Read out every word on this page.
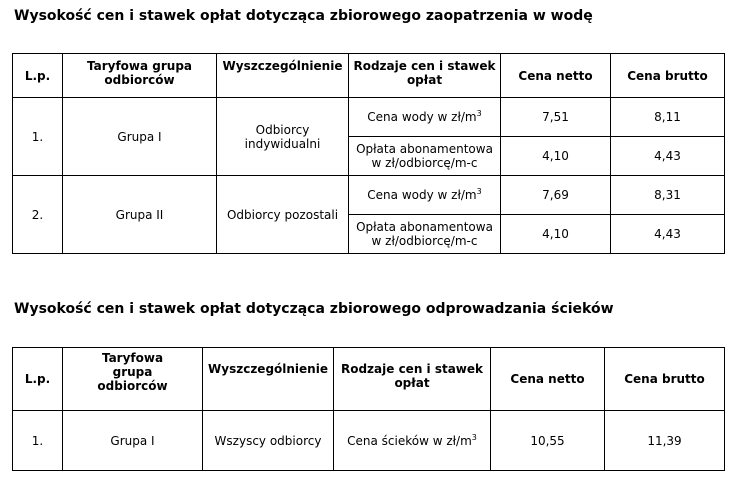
Wysokość cen i stawek opłat dotycząca zbiorowego zaopatrzenia w wodę
L.p.	Taryfowa grupa odbiorców	Wyszczególnienie	Rodzaje cen i stawek opłat	Cena netto	Cena brutto
1.	Grupa I	Odbiorcy indywidualni	Cena wody w $zł/m^3$	7,51	8,11
			Opłata abonamentowa w zł/odbiorcę/m-c	4,10	4,43
2.	Grupa II	Odbiorcy pozostali	Cena wody w $zł/m^3$	7,69	8,31
			Opłata abonamentowa w zł/odbiorcę/m-c	4,10	4,43
Wysokość cen i stawek opłat dotycząca zbiorowego odprowadzania ścieków
L.p.	Taryfowa grupa odbiorców	Wyszczególnienie	Rodzaje cen i stawek opłat	Cena netto	Cena brutto
1.	Grupa I	Wszyscy odbiorcy	Cena ścieków w $zł/m^3$	10,55	11,39
